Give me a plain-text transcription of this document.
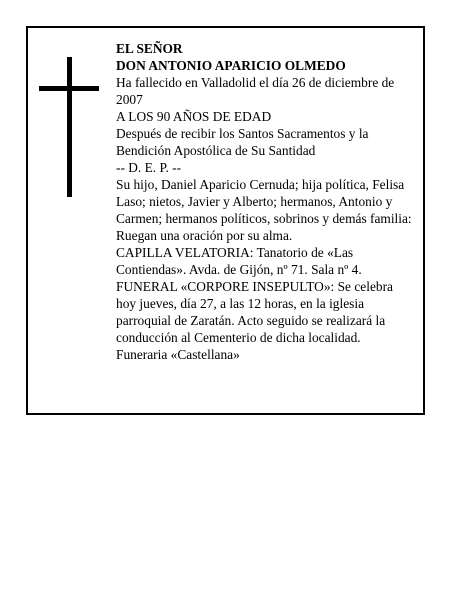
EL SEÑOR
DON ANTONIO APARICIO OLMEDO
Ha fallecido en Valladolid el día 26 de diciembre de 2007
A LOS 90 AÑOS DE EDAD
Después de recibir los Santos Sacramentos y la Bendición Apostólica de Su Santidad
-- D. E. P. --
Su hijo, Daniel Aparicio Cernuda; hija política, Felisa Laso; nietos, Javier y Alberto; hermanos, Antonio y Carmen; hermanos políticos, sobrinos y demás familia:
Ruegan una oración por su alma.
CAPILLA VELATORIA: Tanatorio de «Las Contiendas». Avda. de Gijón, nº 71. Sala nº 4.
FUNERAL «CORPORE INSEPULTO»: Se celebra hoy jueves, día 27, a las 12 horas, en la iglesia parroquial de Zaratán. Acto seguido se realizará la conducción al Cementerio de dicha localidad.
Funeraria «Castellana»
